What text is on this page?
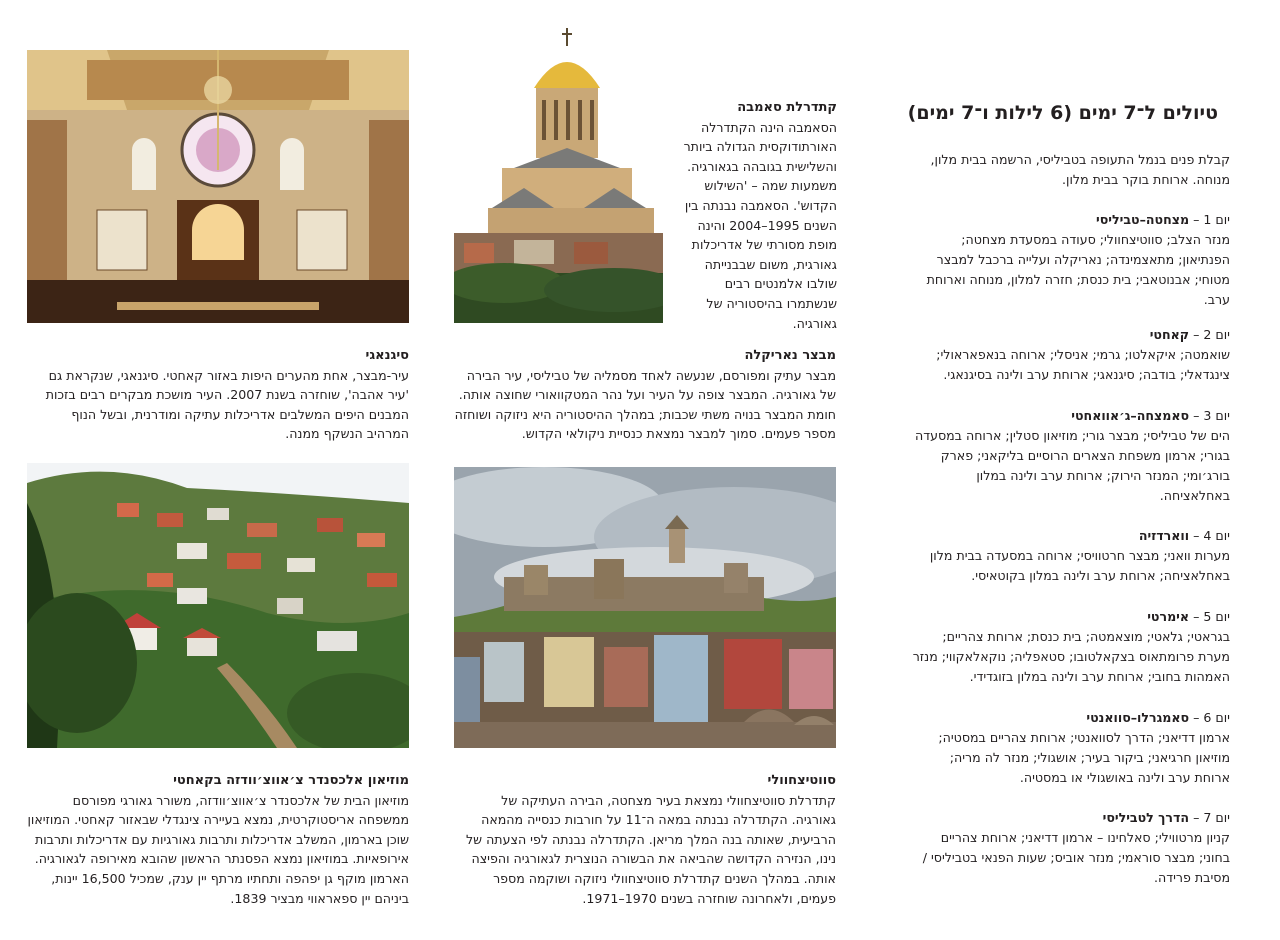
טיולים ל־7 ימים (6 לילות ו־7 ימים)
קבלת פנים בנמל התעופה בטביליסי, הרשמה בבית מלון, מנוחה. ארוחת בוקר בבית מלון.
יום 1 – מצחטה–טביליסי
מנזר הצלב; סווטיצחוולי; סעודה במסעדת מצחטה; הפנתיאון; מתאצמינדה; נאריקלה ועלייה ברכבל למבצר מטוחי; אבנוטאבי; בית כנסת; חזרה למלון, מנוחה וארוחת ערב.
יום 2 – קאחטי
שואמטה; איקאלטו; גרמי; אניסלי; ארוחה בנאפאראולי; צינגדאלי; בודבה; סיגנאגי; ארוחת ערב ולינה בסיגנאגי.
יום 3 – סאמצחה–ג׳אוואחטי
הים של טביליסי; מבצר גורי; מוזיאון סטלין; ארוחה במסעדה בגורי; ארמון משפחת הצארים הרוסיים בליקאני; פארק בורג׳ומי; המנזר הירוק; ארוחת ערב ולינה במלון באחלאציחה.
יום 4 – ווארדזיה
מערות וואני; מבצר חרטוויסי; ארוחה במסעדה בבית מלון באחלאציחה; ארוחת ערב ולינה במלון בקוטאיסי.
יום 5 – אימרטי
בגראטי; גלאטי; מוצאמטה; בית כנסת; ארוחת צהריים; מערת פרומתאוס בצקאלטובו; סטאפליה; נוקאלאקווי; מנזר האמהות בחובי; ארוחת ערב ולינה במלון בזוגדידי.
יום 6 – סאמגרלו–סוואנטי
ארמון דדיאני; הדרך לסוואנטי; ארוחת צהריים במסטיה; מוזיאון חרגיאני; ביקור בעיר; אושגולי; מנזר לה מריה; ארוחת ערב ולינה באושגולי או במסטיה.
יום 7 – הדרך לטביליסי
קניון מרטווילי; סאלחינו – ארמון דדיאני; ארוחת צהריים בחוני; מבצר סוראמי; מנזר אוביס; שעות הפנאי בטביליסי / מסיבת פרידה.
קתדרלת סאמבה
הסאמבה הינה הקתדרלה האורתודוקסית הגדולה ביותר והשלישית בגובהה בגאורגיה. משמעות שמה – 'השילוש הקדוש'. הסאמבה נבנתה בין השנים 1995–2004 והינה מופת מסורתי של אדריכלות גאורגית, משום שבבנייתה שולבו אלמנטים רבים שנשתמרו בהיסטוריה של גאורגיה.
מבצר נאריקלה
מבצר עתיק ומפורסם, שנעשה לאחד מסמליה של טביליסי, עיר הבירה של גאורגיה. המבצר צופה על העיר ועל נהר המטקוואורי שחוצה אותה. חומת המבצר בנויה משתי שכבות; במהלך ההיסטוריה היא ניזוקה ושוחזה מספר פעמים. סמוך למבצר נמצאת כנסיית ניקולאי הקדוש.
סיגנאגי
עיר-מבצר, אחת מהערים היפות באזור קאחטי. סיגנאגי, שנקראת גם 'עיר אהבה', שוחזרה בשנת 2007. העיר מושכת מבקרים רבים בזכות המבנים היפים המשלבים אדריכלות עתיקה ומודרנית, ובשל הנוף המרהיב הנשקף ממנה.
סווטיצחוולי
קתדרלת סווטיצחוולי נמצאת בעיר מצחטה, הבירה העתיקה של גאורגיה. הקתדרלה נבנתה במאה ה־11 על חורבות כנסייה מהמאה הרביעית, שאותה בנה המלך מריאן. הקתדרלה נבנתה לפי הצעתה של נינו, הנזירה הקדושה שהביאה את הבשורה הנוצרית לגאורגיה והפיצה אותה. במהלך השנים קתדרלת סווטיצחוולי ניזוקה ושוקמה מספר פעמים, ולאחרונה שוחזרה בשנים 1970–1971.
מוזיאון אלכסנדר צ׳אווצ׳וודזה בקאחטי
מוזיאון הבית של אלכסנדר צ׳אווצ׳וודזה, משורר גאורגי מפורסם ממשפחה אריסטוקרטית, נמצא בעיירה צינגדלי שבאזור קאחטי. המוזיאון שוכן בארמון, המשלב אדריכלות ותרבות גאורגיות עם אדריכלות ותרבות אירופאיות. במוזיאון נמצא הפסנתר הראשון שהובא מאירופה לגאורגיה. הארמון מוקף גן יפהפה ותחתיו מרתף יין ענק, שמכיל 16,500 יינות, ביניהם יין ספאראווי מבציר 1839.
